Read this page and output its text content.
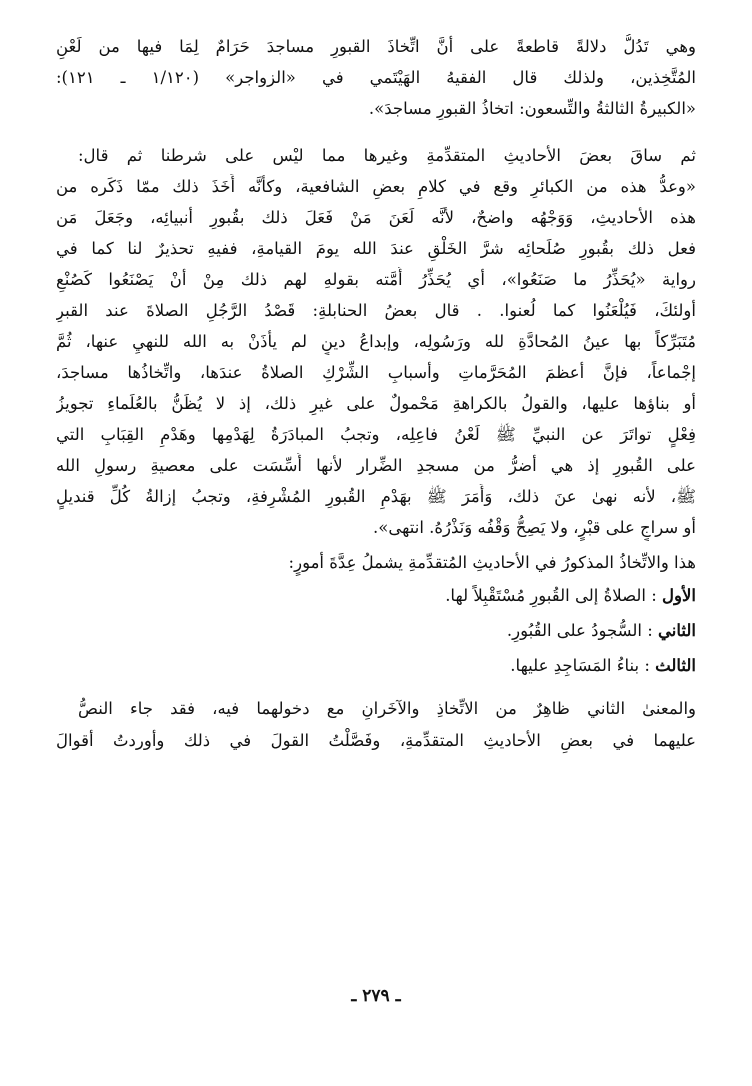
وهي تَدُلُّ دلالةً قاطعةً على أنَّ اتِّخاذَ القبورِ مساجدَ حَرَامٌ لِمَا فيها من لَعْنِ
المُتَّخِذين، ولذلك قال الفقيهُ الهَيْتَمي في «الزواجر» (١/١٢٠ ـ ١٢١):
«الكبيرةُ الثالثةُ والتِّسعون: اتخاذُ القبورِ مساجدَ».
ثم ساقَ بعضَ الأحاديثِ المتقدِّمةِ وغيرها مما ليْس على شرطنا ثم قال:
«وعدُّ هذه من الكبائرِ وقع في كلامِ بعضِ الشافعية، وكأنَّه أَخَذَ ذلك ممّا ذَكَره من
هذه الأحاديثِ، وَوَجْهُه واضحٌ، لأنَّه لَعَنَ مَنْ فَعَلَ ذلك بقُبورِ أنبيائِه، وجَعَلَ مَن
فعل ذلك بقُبورِ صُلَحائِه شرَّ الخَلْقِ عندَ الله يومَ القيامةِ، ففيهِ تحذيرٌ لنا كما في
رواية «يُحَذِّرُ ما صَنَعُوا»، أي يُحَذِّرُ أُمَّته بقولهِ لهم ذلك مِنْ أنْ يَصْنَعُوا كَصُنْعِ
أولئكَ، فَيُلْعَنُوا كما لُعنوا. . قال بعضُ الحنابلةِ: قَصْدُ الرَّجُلِ الصلاةَ عند القبرِ
مُتَبَرِّكاً بها عينُ المُحادَّةِ لله ورَسُولِه، وإبداعُ دينٍ لم يأْذَنْ به الله للنهيِ عنها، ثُمَّ
إجْماعاً، فإنَّ أعظمَ المُحَرَّماتِ وأسبابِ الشِّرْكِ الصلاةُ عندَها، واتِّخاذُها مساجدَ،
أو بناؤها عليها، والقولُ بالكراهةِ مَحْمولٌ على غيرِ ذلك، إذ لا يُظَنُّ بالعُلَماءِ تجويزُ
فِعْلٍ تواتَرَ عن النبيِّ ﷺ لَعْنُ فاعِلِه، وتجبُ المبادَرَةُ لِهَدْمِها وهَدْمِ القِبَابِ التي
على القُبورِ إذ هي أضرُّ من مسجدِ الضِّرار لأنها أُسِّسَت على معصيةِ رسولِ الله
ﷺ، لأنه نهىٰ عنَ ذلك، وَأَمَرَ ﷺ بهَدْمِ القُبورِ المُشْرِفةِ، وتجبُ إزالةُ كُلِّ قنديلٍ
أو سراجٍ على قبْرٍ، ولا يَصِحُّ وَقْفُه وَنَذْرُهُ. انتهى».
هذا والاتِّخاذُ المذكورُ في الأحاديثِ المُتقدِّمةِ يشملُ عِدَّةَ أمورٍ:
الأول : الصلاةُ إلى القُبورِ مُسْتَقْبِلاً لها.
الثاني : السُّجودُ على القُبُورِ.
الثالث : بناءُ المَسَاجِدِ عليها.
والمعنىٰ الثاني ظاهِرٌ من الاتِّخاذِ والآخَرانِ مع دخولهما فيه، فقد جاء النصُّ
عليهما في بعضِ الأحاديثِ المتقدِّمةِ، وفَصَّلْتُ القولَ في ذلك وأوردتُ أقوالَ
ـ ٢٧٩ ـ
